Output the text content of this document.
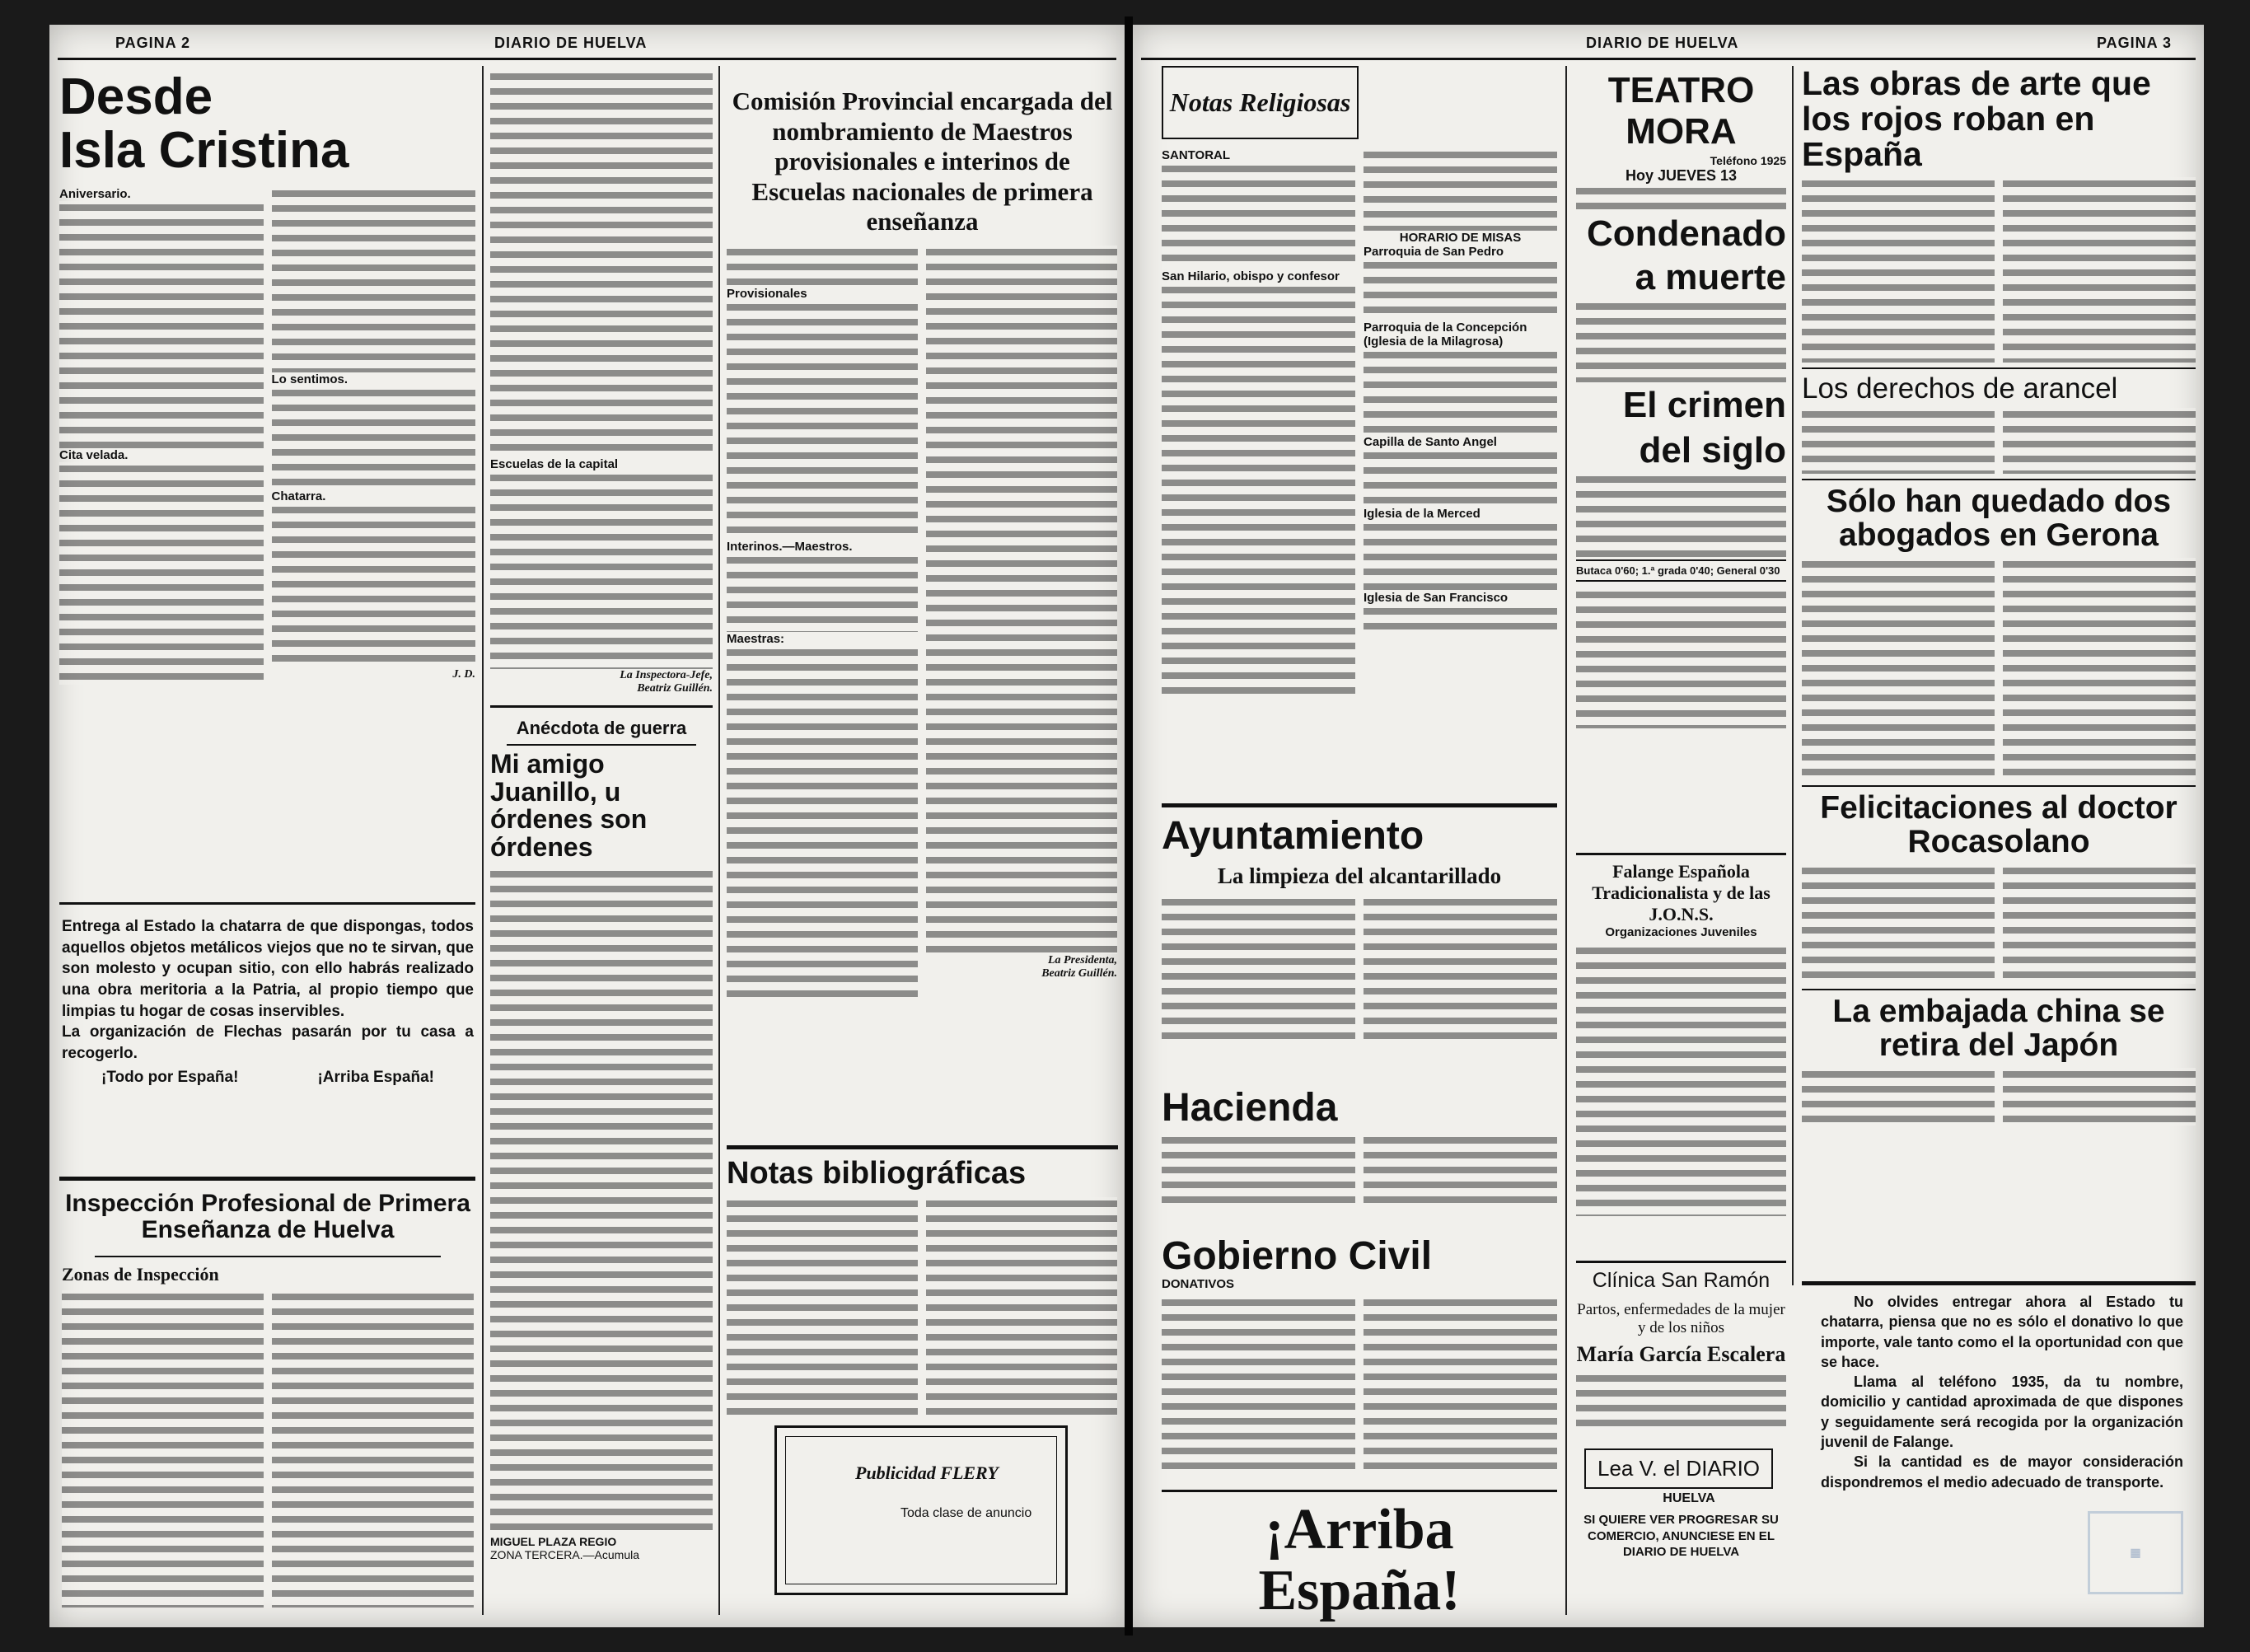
PAGINA 2	DIARIO DE HUELVA
Desde
Isla Cristina
Aniversario.
Cita velada.
Lo sentimos.
Chatarra.
J. D.
Entrega al Estado la chatarra de que dispongas, todos aquellos objetos metálicos viejos que no te sirvan, que son molesto y ocupan sitio, con ello habrás realizado una obra meritoria a la Patria, al propio tiempo que limpias tu hogar de cosas inservibles.
La organización de Flechas pasarán por tu casa a recogerlo.
¡Todo por España!	¡Arriba España!
Inspección Profesional de Primera Enseñanza de Huelva
Zonas de Inspección
Escuelas de la capital
La Inspectora-Jefe,
Beatriz Guillén.
Anécdota de guerra
Mi amigo Juanillo, u órdenes son órdenes
MIGUEL PLAZA REGIO
ZONA TERCERA.—Acumula
Comisión Provincial encargada del nombramiento de Maestros provisionales e interinos de Escuelas nacionales de primera enseñanza
Provisionales
Interinos.—Maestros.
Maestras:
La Presidenta,
Beatriz Guillén.
Notas bibliográficas
Publicidad FLERY
Toda clase de anuncio
DIARIO DE HUELVA	PAGINA 3
Notas Religiosas
SANTORAL
San Hilario, obispo y confesor
HORARIO DE MISAS
Parroquia de San Pedro
Parroquia de la Concepción (Iglesia de la Milagrosa)
Capilla de Santo Angel
Iglesia de la Merced
Iglesia de San Francisco
Ayuntamiento
La limpieza del alcantarillado
Hacienda
Gobierno Civil
DONATIVOS
¡Arriba España!
TEATRO MORA
Teléfono 1925
Hoy JUEVES 13
Condenado a muerte
El crimen del siglo
Butaca 0'60; 1.ª grada 0'40; General 0'30
Falange Española Tradicionalista y de las J.O.N.S.
Organizaciones Juveniles
Clínica San Ramón
Partos, enfermedades de la mujer y de los niños
María García Escalera
Lea V. el DIARIO
HUELVA
SI QUIERE VER PROGRESAR SU COMERCIO, ANUNCIESE EN EL DIARIO DE HUELVA
Las obras de arte que los rojos roban en España
Los derechos de arancel
Sólo han quedado dos abogados en Gerona
Felicitaciones al doctor Rocasolano
La embajada china se retira del Japón
No olvides entregar ahora al Estado tu chatarra, piensa que no es sólo el donativo lo que importe, vale tanto como el la oportunidad con que se hace.
Llama al teléfono 1935, da tu nombre, domicilio y cantidad aproximada de que dispones y seguidamente será recogida por la organización juvenil de Falange.
Si la cantidad es de mayor consideración dispondremos el medio adecuado de transporte.
▦
